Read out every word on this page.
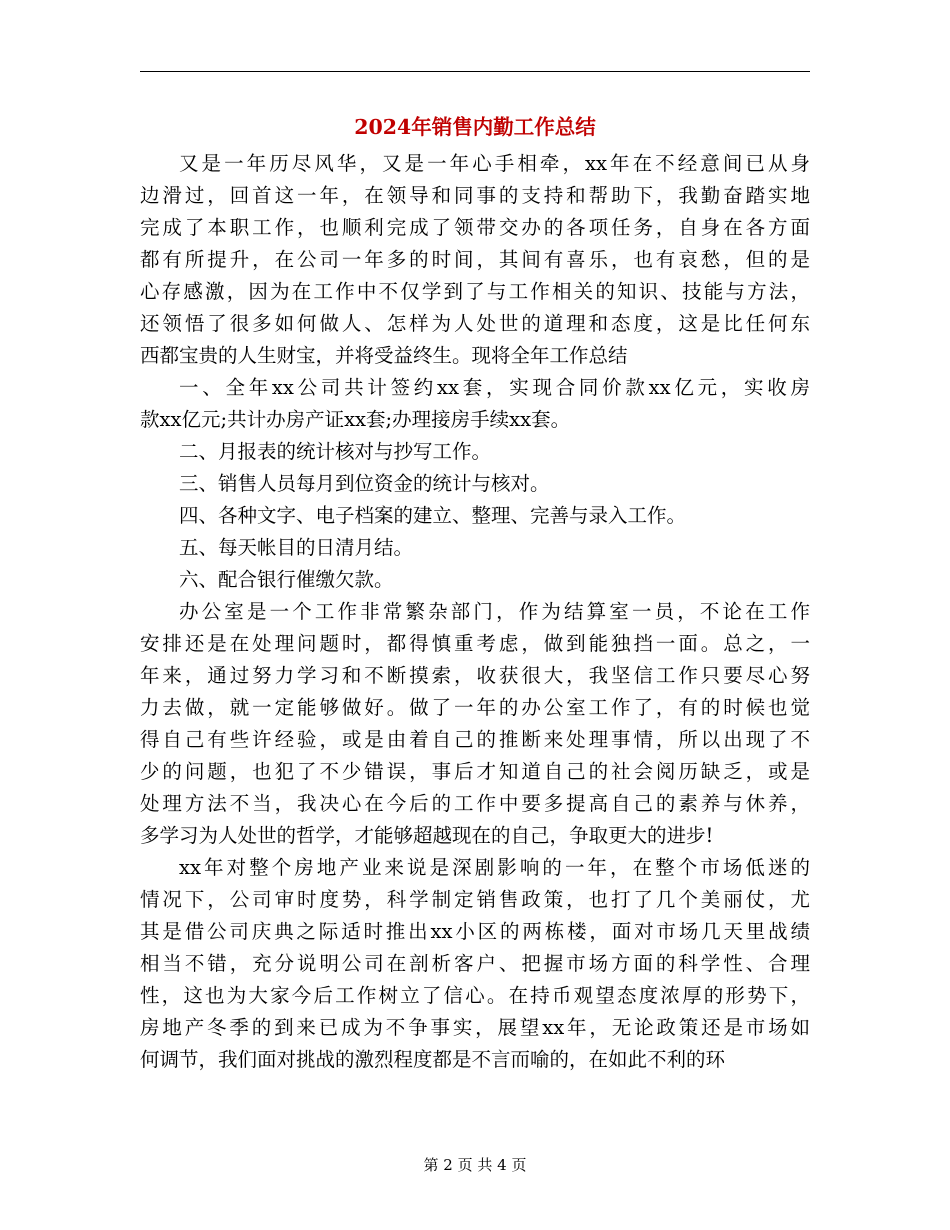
2024年销售内勤工作总结
又是一年历尽风华，又是一年心手相牵，xx年在不经意间已从身
边滑过，回首这一年，在领导和同事的支持和帮助下，我勤奋踏实地
完成了本职工作，也顺利完成了领带交办的各项任务，自身在各方面
都有所提升，在公司一年多的时间，其间有喜乐，也有哀愁，但的是
心存感激，因为在工作中不仅学到了与工作相关的知识、技能与方法，
还领悟了很多如何做人、怎样为人处世的道理和态度，这是比任何东
西都宝贵的人生财宝，并将受益终生。现将全年工作总结
一、全年xx公司共计签约xx套，实现合同价款xx亿元，实收房
款xx亿元;共计办房产证xx套;办理接房手续xx套。
二、月报表的统计核对与抄写工作。
三、销售人员每月到位资金的统计与核对。
四、各种文字、电子档案的建立、整理、完善与录入工作。
五、每天帐目的日清月结。
六、配合银行催缴欠款。
办公室是一个工作非常繁杂部门，作为结算室一员，不论在工作
安排还是在处理问题时，都得慎重考虑，做到能独挡一面。总之，一
年来，通过努力学习和不断摸索，收获很大，我坚信工作只要尽心努
力去做，就一定能够做好。做了一年的办公室工作了，有的时候也觉
得自己有些许经验，或是由着自己的推断来处理事情，所以出现了不
少的问题，也犯了不少错误，事后才知道自己的社会阅历缺乏，或是
处理方法不当，我决心在今后的工作中要多提高自己的素养与休养，
多学习为人处世的哲学，才能够超越现在的自己，争取更大的进步!
xx年对整个房地产业来说是深剧影响的一年，在整个市场低迷的
情况下，公司审时度势，科学制定销售政策，也打了几个美丽仗，尤
其是借公司庆典之际适时推出xx小区的两栋楼，面对市场几天里战绩
相当不错，充分说明公司在剖析客户、把握市场方面的科学性、合理
性，这也为大家今后工作树立了信心。在持币观望态度浓厚的形势下，
房地产冬季的到来已成为不争事实，展望xx年，无论政策还是市场如
何调节，我们面对挑战的激烈程度都是不言而喻的，在如此不利的环
第 2 页 共 4 页
